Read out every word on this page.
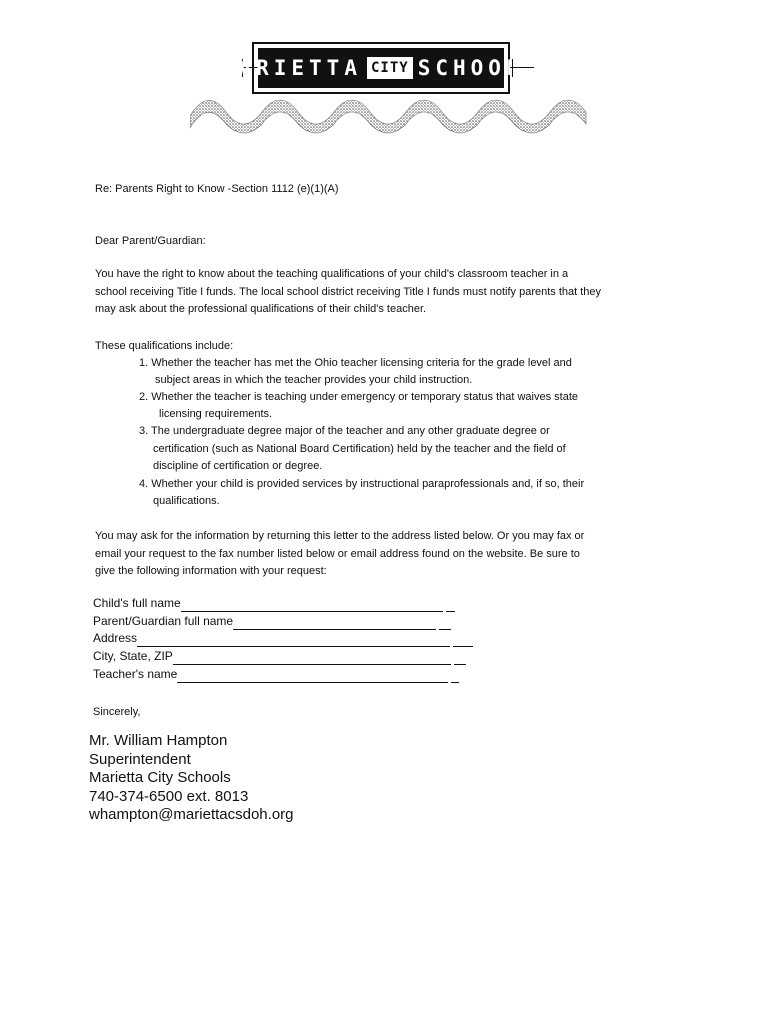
MARIETTA CITY SCHOOLS
Re: Parents Right to Know -Section 1112 (e)(1)(A)
Dear Parent/Guardian:
You have the right to know about the teaching qualifications of your child's classroom teacher in a
school receiving Title I funds. The local school district receiving Title I funds must notify parents that they
may ask about the professional qualifications of their child's teacher.
These qualifications include:
1. Whether the teacher has met the Ohio teacher licensing criteria for the grade level and
subject areas in which the teacher provides your child instruction.
2. Whether the teacher is teaching under emergency or temporary status that waives state
licensing requirements.
3. The undergraduate degree major of the teacher and any other graduate degree or
certification (such as National Board Certification) held by the teacher and the field of
discipline of certification or degree.
4. Whether your child is provided services by instructional paraprofessionals and, if so, their
qualifications.
You may ask for the information by returning this letter to the address listed below. Or you may fax or
email your request to the fax number listed below or email address found on the website. Be sure to
give the following information with your request:
Child's full name
Parent/Guardian full name
Address
City, State, ZIP
Teacher's name
Sincerely,
Mr. William Hampton
Superintendent
Marietta City Schools
740-374-6500 ext. 8013
whampton@mariettacsdoh.org
